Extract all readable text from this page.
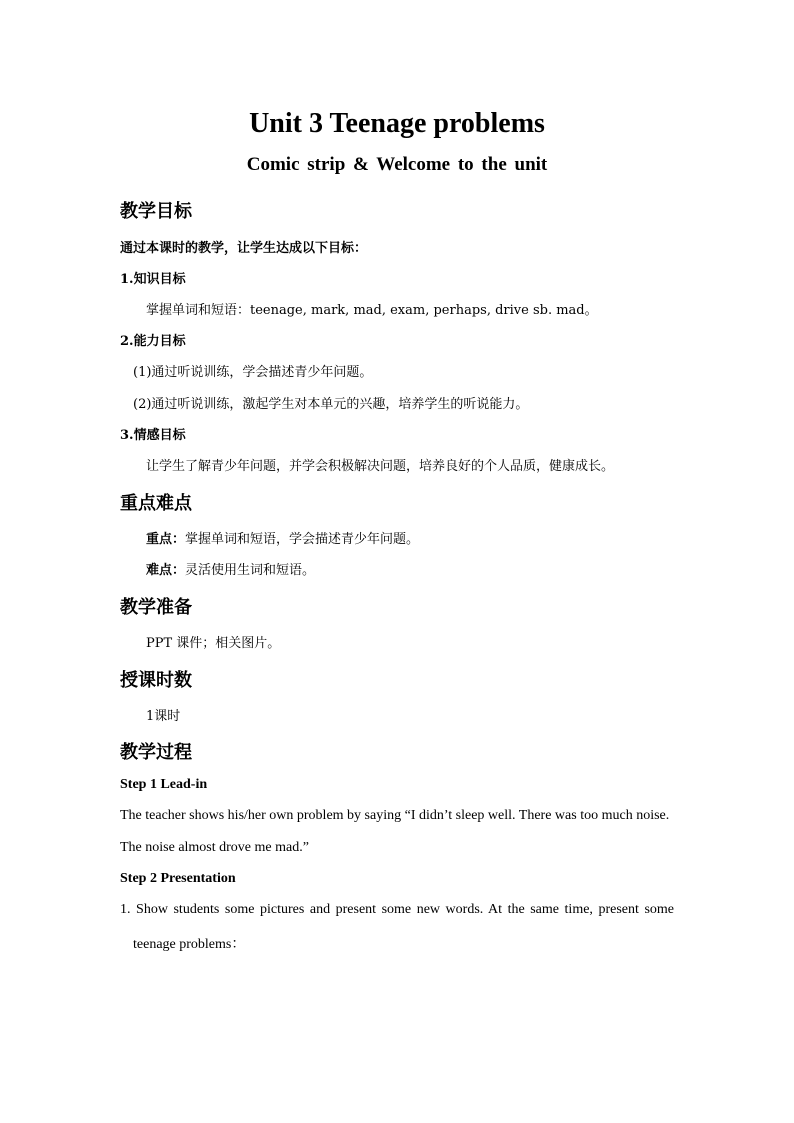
Unit 3 Teenage problems
Comic strip & Welcome to the unit
教学目标
通过本课时的教学，让学生达成以下目标：
1.知识目标
掌握单词和短语：teenage, mark, mad, exam, perhaps, drive sb. mad。
2.能力目标
(1)通过听说训练，学会描述青少年问题。
(2)通过听说训练，激起学生对本单元的兴趣，培养学生的听说能力。
3.情感目标
让学生了解青少年问题，并学会积极解决问题，培养良好的个人品质，健康成长。
重点难点
重点：掌握单词和短语，学会描述青少年问题。
难点：灵活使用生词和短语。
教学准备
PPT 课件；相关图片。
授课时数
1课时
教学过程
Step 1 Lead-in
The teacher shows his/her own problem by saying “I didn’t sleep well. There was too much noise.
The noise almost drove me mad.”
Step 2 Presentation
1. Show students some pictures and present some new words. At the same time, present some
teenage problems：
